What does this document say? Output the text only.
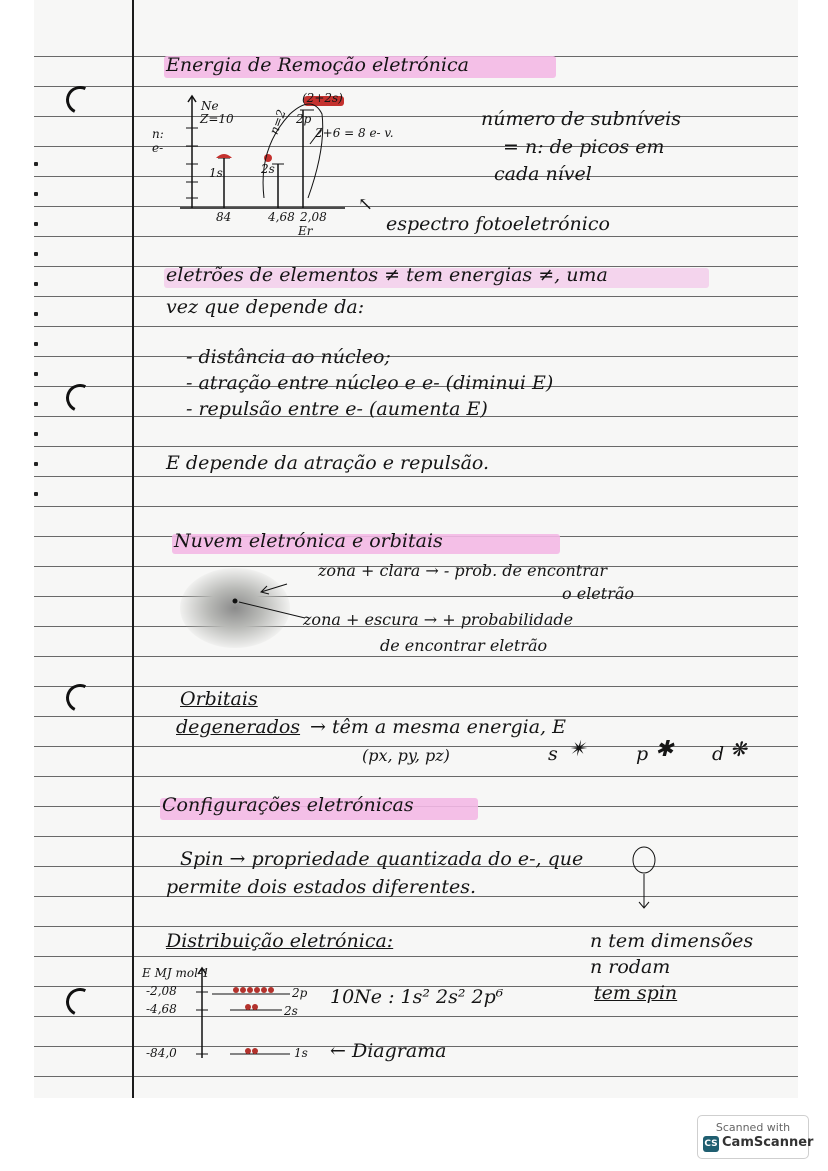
Energia de Remoção eletrónica
Ne
Z=10
n:
e-
n=2
(2+2s)
2p
2+6 = 8 e- v.
1s	2s
84	4,68 2,08
Er
número de subníveis
= n: de picos em
cada nível
↖
espectro fotoeletrónico
eletrões de elementos ≠ tem energias ≠, uma
vez que depende da:
- distância ao núcleo;
- atração entre núcleo e e- (diminui E)
- repulsão entre e- (aumenta E)
E depende da atração e repulsão.
Nuvem eletrónica e orbitais
zona + clara → - prob. de encontrar
o eletrão
zona + escura → + probabilidade
de encontrar eletrão
Orbitais
degenerados → têm a mesma energia, E
(px, py, pz)	s ✴	p ✱ d ❋
Configurações eletrónicas
Spin → propriedade quantizada do e-, que
permite dois estados diferentes.
Distribuição eletrónica:	n tem dimensões
n rodam
tem spin
E MJ mol-1
-2,08	2p
-4,68	2s
-84,0	1s
10Ne : 1s² 2s² 2p⁶
← Diagrama
Scanned with
CS CamScanner
